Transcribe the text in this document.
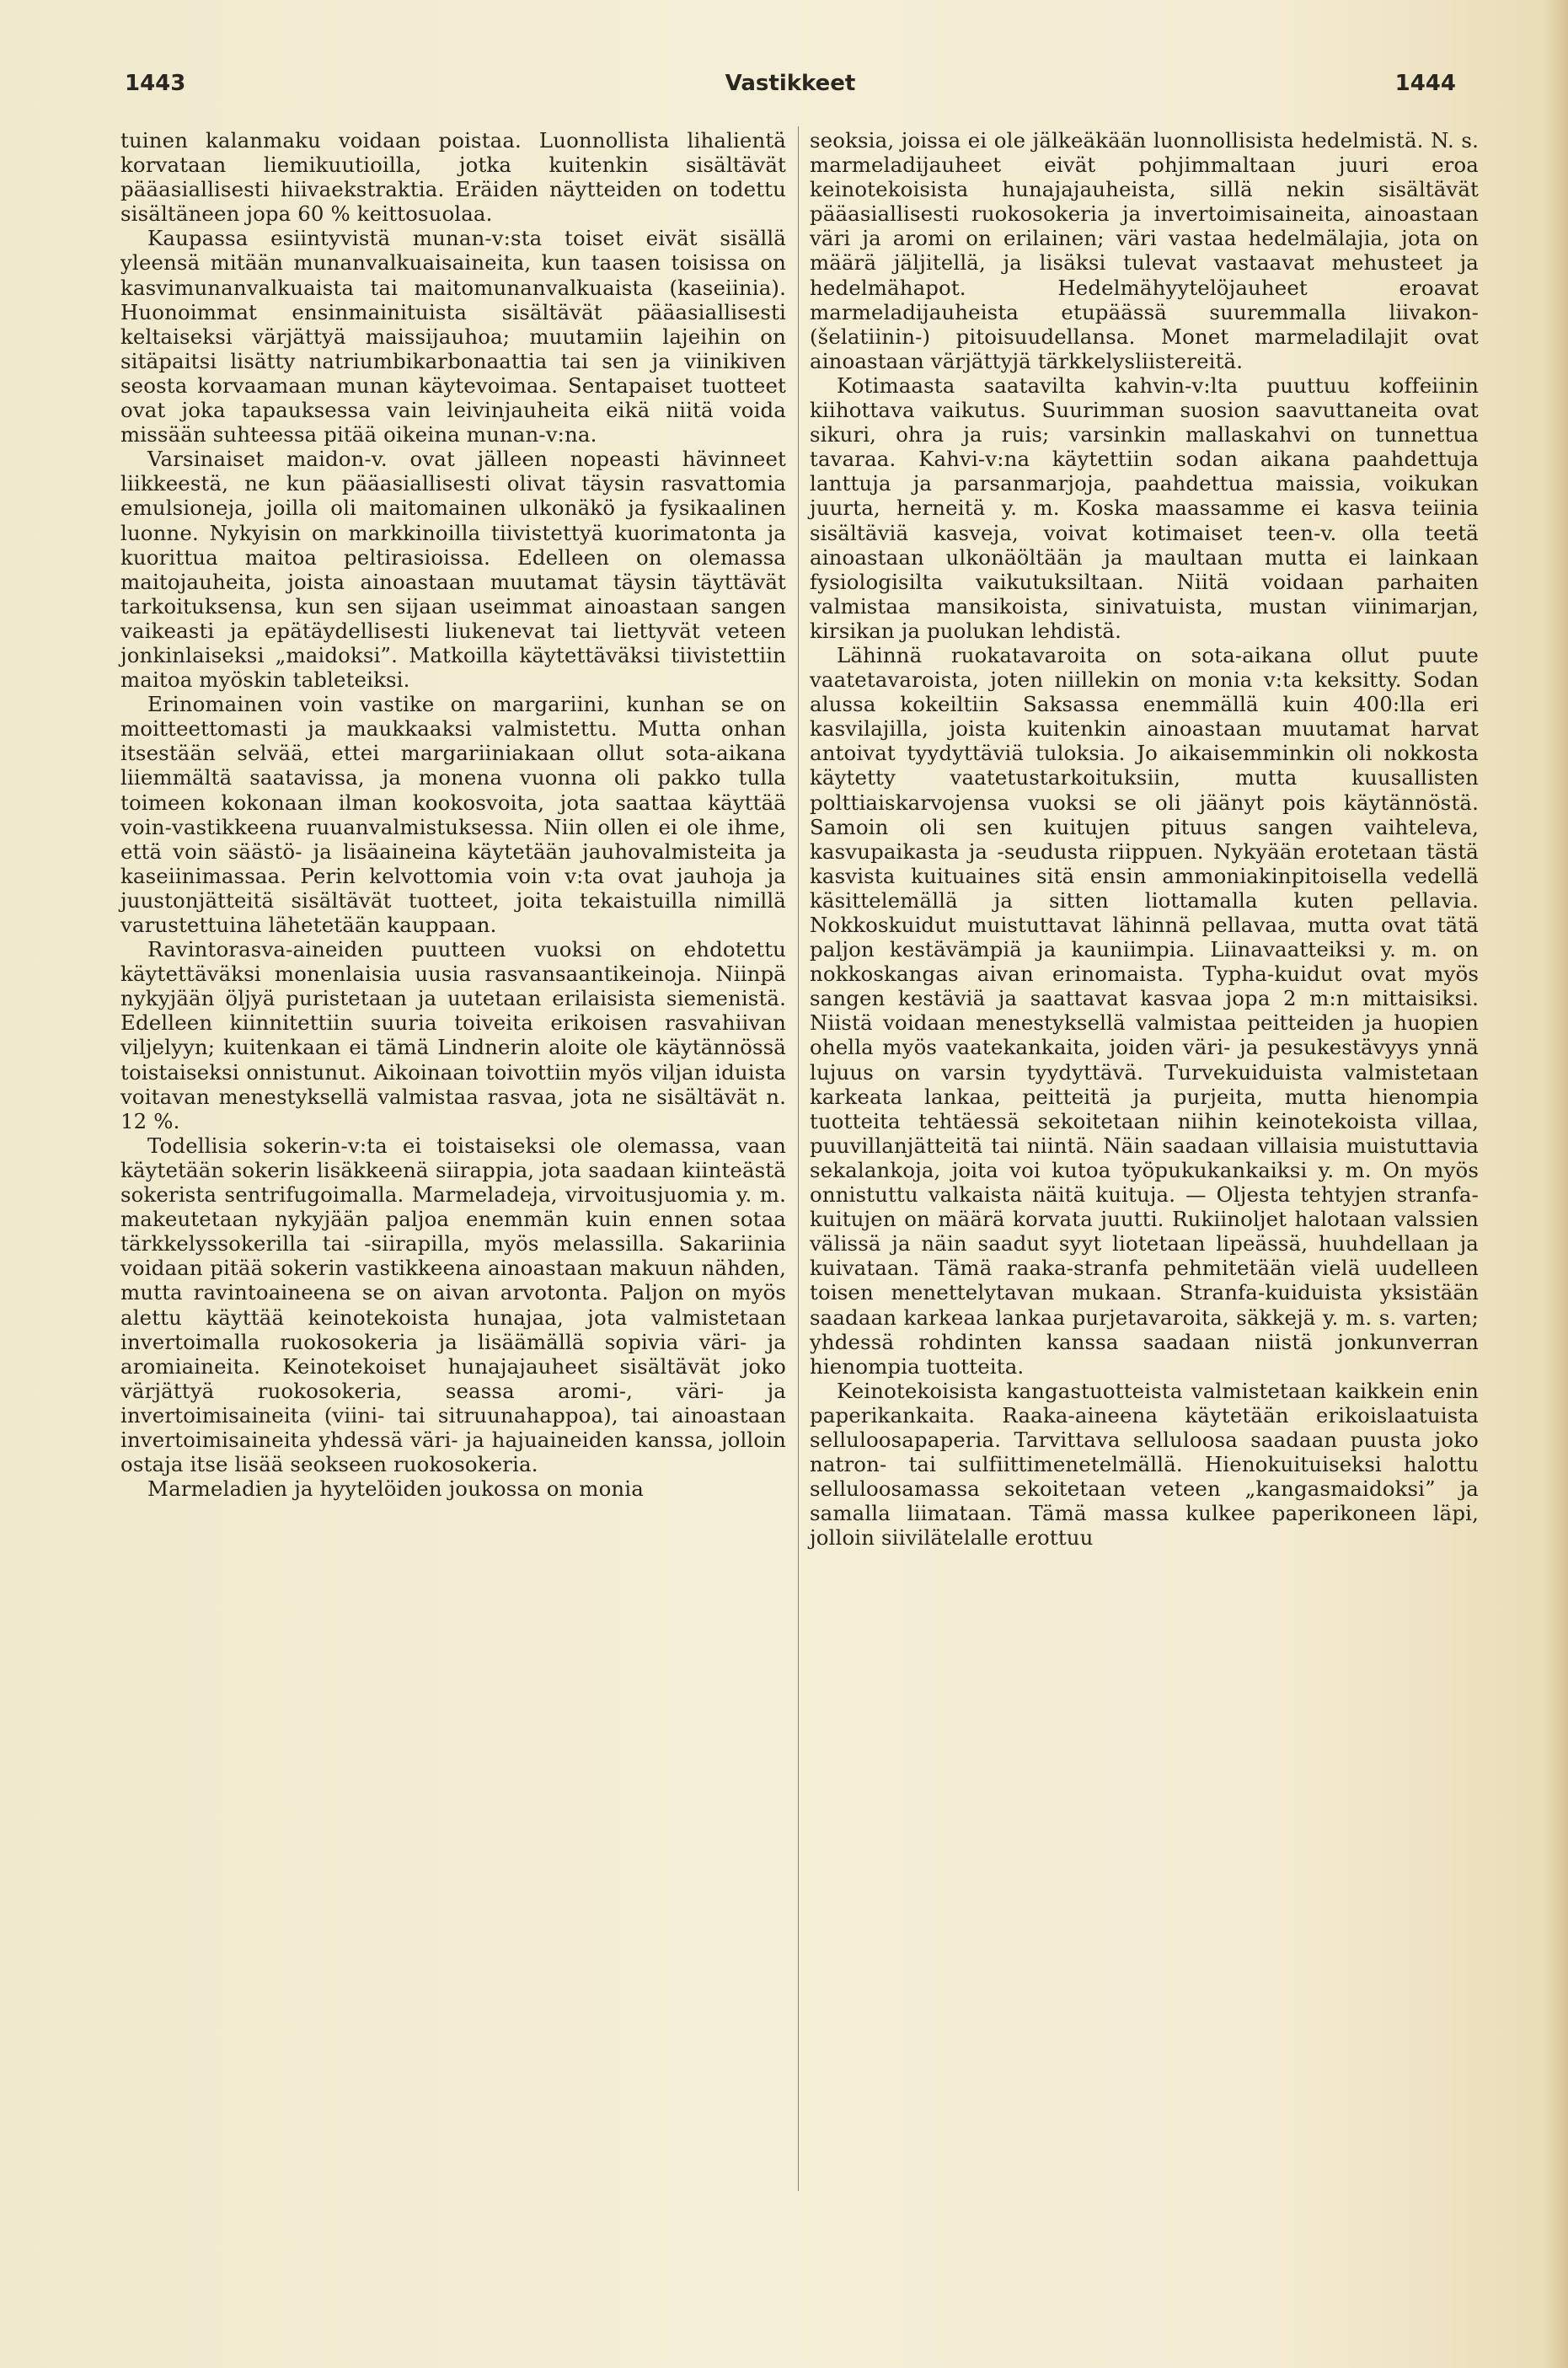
1443	Vastikkeet	1444

tuinen kalanmaku voidaan poistaa. Luonnollista lihalientä korvataan liemikuutioilla, jotka kuitenkin sisältävät pääasiallisesti hiivaekstraktia. Eräiden näytteiden on todettu sisältäneen jopa 60 % keittosuolaa.

Kaupassa esiintyvistä munan-v:sta toiset eivät sisällä yleensä mitään munanvalkuaisaineita, kun taasen toisissa on kasvimunanvalkuaista tai maitomunanvalkuaista (kaseiinia). Huonoimmat ensinmainituista sisältävät pääasiallisesti keltaiseksi värjättyä maissijauhoa; muutamiin lajeihin on sitäpaitsi lisätty natriumbikarbonaattia tai sen ja viinikiven seosta korvaamaan munan käytevoimaa. Sentapaiset tuotteet ovat joka tapauksessa vain leivinjauheita eikä niitä voida missään suhteessa pitää oikeina munan-v:na.

Varsinaiset maidon-v. ovat jälleen nopeasti hävinneet liikkeestä, ne kun pääasiallisesti olivat täysin rasvattomia emulsioneja, joilla oli maitomainen ulkonäkö ja fysikaalinen luonne. Nykyisin on markkinoilla tiivistettyä kuorimatonta ja kuorittua maitoa peltirasioissa. Edelleen on olemassa maitojauheita, joista ainoastaan muutamat täysin täyttävät tarkoituksensa, kun sen sijaan useimmat ainoastaan sangen vaikeasti ja epätäydellisesti liukenevat tai liettyvät veteen jonkinlaiseksi „maidoksi”. Matkoilla käytettäväksi tiivistettiin maitoa myöskin tableteiksi.

Erinomainen voin vastike on margariini, kunhan se on moitteettomasti ja maukkaaksi valmistettu. Mutta onhan itsestään selvää, ettei margariiniakaan ollut sota-aikana liiemmältä saatavissa, ja monena vuonna oli pakko tulla toimeen kokonaan ilman kookosvoita, jota saattaa käyttää voin-vastikkeena ruuanvalmistuksessa. Niin ollen ei ole ihme, että voin säästö- ja lisäaineina käytetään jauhovalmisteita ja kaseiinimassaa. Perin kelvottomia voin v:ta ovat jauhoja ja juustonjätteitä sisältävät tuotteet, joita tekaistuilla nimillä varustettuina lähetetään kauppaan.

Ravintorasva-aineiden puutteen vuoksi on ehdotettu käytettäväksi monenlaisia uusia rasvansaantikeinoja. Niinpä nykyjään öljyä puristetaan ja uutetaan erilaisista siemenistä. Edelleen kiinnitettiin suuria toiveita erikoisen rasvahiivan viljelyyn; kuitenkaan ei tämä Lindnerin aloite ole käytännössä toistaiseksi onnistunut. Aikoinaan toivottiin myös viljan iduista voitavan menestyksellä valmistaa rasvaa, jota ne sisältävät n. 12 %.

Todellisia sokerin-v:ta ei toistaiseksi ole olemassa, vaan käytetään sokerin lisäkkeenä siirappia, jota saadaan kiinteästä sokerista sentrifugoimalla. Marmeladeja, virvoitusjuomia y. m. makeutetaan nykyjään paljoa enemmän kuin ennen sotaa tärkkelyssokerilla tai -siirapilla, myös melassilla. Sakariinia voidaan pitää sokerin vastikkeena ainoastaan makuun nähden, mutta ravintoaineena se on aivan arvotonta. Paljon on myös alettu käyttää keinotekoista hunajaa, jota valmistetaan invertoimalla ruokosokeria ja lisäämällä sopivia väri- ja aromiaineita. Keinotekoiset hunajajauheet sisältävät joko värjättyä ruokosokeria, seassa aromi-, väri- ja invertoimisaineita (viini- tai sitruunahappoa), tai ainoastaan invertoimisaineita yhdessä väri- ja hajuaineiden kanssa, jolloin ostaja itse lisää seokseen ruokosokeria.

Marmeladien ja hyytelöiden joukossa on monia

seoksia, joissa ei ole jälkeäkään luonnollisista hedelmistä. N. s. marmeladijauheet eivät pohjimmaltaan juuri eroa keinotekoisista hunajajauheista, sillä nekin sisältävät pääasiallisesti ruokosokeria ja invertoimisaineita, ainoastaan väri ja aromi on erilainen; väri vastaa hedelmälajia, jota on määrä jäljitellä, ja lisäksi tulevat vastaavat mehusteet ja hedelmähapot. Hedelmähyytelöjauheet eroavat marmeladijauheista etupäässä suuremmalla liivakon- (šelatiinin-) pitoisuudellansa. Monet marmeladilajit ovat ainoastaan värjättyjä tärkkelysliistereitä.

Kotimaasta saatavilta kahvin-v:lta puuttuu koffeiinin kiihottava vaikutus. Suurimman suosion saavuttaneita ovat sikuri, ohra ja ruis; varsinkin mallaskahvi on tunnettua tavaraa. Kahvi-v:na käytettiin sodan aikana paahdettuja lanttuja ja parsanmarjoja, paahdettua maissia, voikukan juurta, herneitä y. m. Koska maassamme ei kasva teiinia sisältäviä kasveja, voivat kotimaiset teen-v. olla teetä ainoastaan ulkonäöltään ja maultaan mutta ei lainkaan fysiologisilta vaikutuksiltaan. Niitä voidaan parhaiten valmistaa mansikoista, sinivatuista, mustan viinimarjan, kirsikan ja puolukan lehdistä.

Lähinnä ruokatavaroita on sota-aikana ollut puute vaatetavaroista, joten niillekin on monia v:ta keksitty. Sodan alussa kokeiltiin Saksassa enemmällä kuin 400:lla eri kasvilajilla, joista kuitenkin ainoastaan muutamat harvat antoivat tyydyttäviä tuloksia. Jo aikaisemminkin oli nokkosta käytetty vaatetustarkoituksiin, mutta kuusallisten polttiaiskarvojensa vuoksi se oli jäänyt pois käytännöstä. Samoin oli sen kuitujen pituus sangen vaihteleva, kasvupaikasta ja -seudusta riippuen. Nykyään erotetaan tästä kasvista kuituaines sitä ensin ammoniakinpitoisella vedellä käsittelemällä ja sitten liottamalla kuten pellavia. Nokkoskuidut muistuttavat lähinnä pellavaa, mutta ovat tätä paljon kestävämpiä ja kauniimpia. Liinavaatteiksi y. m. on nokkoskangas aivan erinomaista. Typha-kuidut ovat myös sangen kestäviä ja saattavat kasvaa jopa 2 m:n mittaisiksi. Niistä voidaan menestyksellä valmistaa peitteiden ja huopien ohella myös vaatekankaita, joiden väri- ja pesukestävyys ynnä lujuus on varsin tyydyttävä. Turvekuiduista valmistetaan karkeata lankaa, peitteitä ja purjeita, mutta hienompia tuotteita tehtäessä sekoitetaan niihin keinotekoista villaa, puuvillanjätteitä tai niintä. Näin saadaan villaisia muistuttavia sekalankoja, joita voi kutoa työpukukankaiksi y. m. On myös onnistuttu valkaista näitä kuituja. — Oljesta tehtyjen stranfa-kuitujen on määrä korvata juutti. Rukiinoljet halotaan valssien välissä ja näin saadut syyt liotetaan lipeässä, huuhdellaan ja kuivataan. Tämä raaka-stranfa pehmitetään vielä uudelleen toisen menettelytavan mukaan. Stranfa-kuiduista yksistään saadaan karkeaa lankaa purjetavaroita, säkkejä y. m. s. varten; yhdessä rohdinten kanssa saadaan niistä jonkunverran hienompia tuotteita.

Keinotekoisista kangastuotteista valmistetaan kaikkein enin paperikankaita. Raaka-aineena käytetään erikoislaatuista selluloosapaperia. Tarvittava selluloosa saadaan puusta joko natron- tai sulfiittimenetelmällä. Hienokuituiseksi halottu selluloosamassa sekoitetaan veteen „kangasmaidoksi” ja samalla liimataan. Tämä massa kulkee paperikoneen läpi, jolloin siivilätelalle erottuu
